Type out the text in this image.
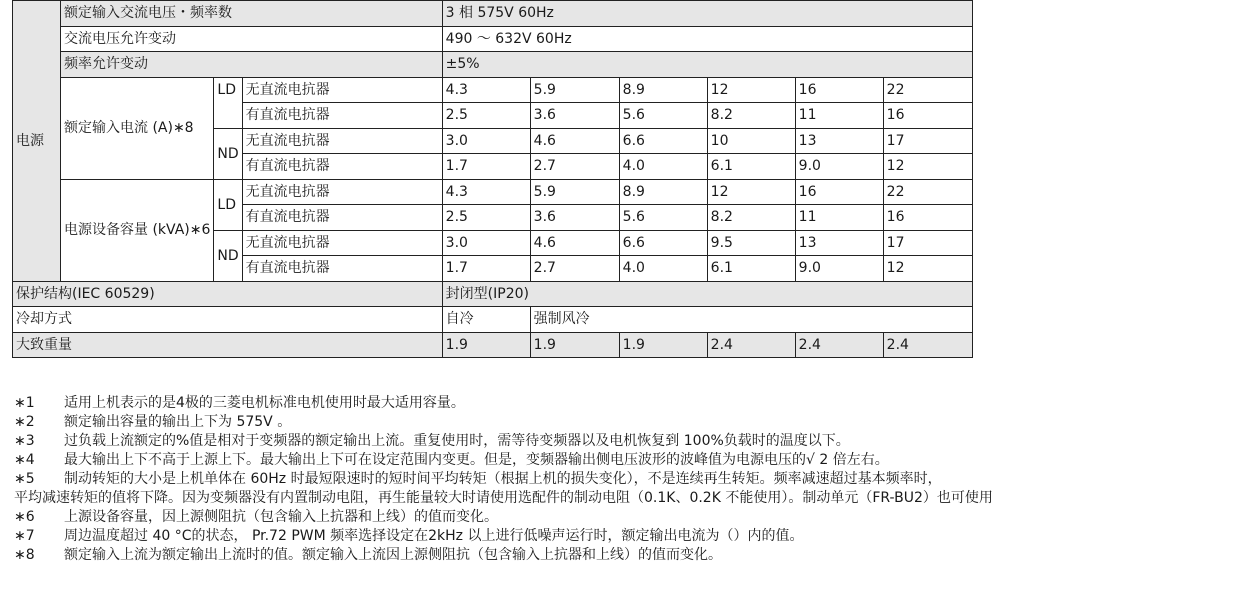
电源	额定输入交流电压・频率数			3 相 575V 60Hz					
	交流电压允许变动			490 ～ 632V 60Hz					
	频率允许变动			±5%					
	额定输入电流 (A)∗8	LD	无直流电抗器	4.3	5.9	8.9	12	16	22
			有直流电抗器	2.5	3.6	5.6	8.2	11	16
		ND	无直流电抗器	3.0	4.6	6.6	10	13	17
			有直流电抗器	1.7	2.7	4.0	6.1	9.0	12
	电源设备容量 (kVA)∗6	LD	无直流电抗器	4.3	5.9	8.9	12	16	22
			有直流电抗器	2.5	3.6	5.6	8.2	11	16
		ND	无直流电抗器	3.0	4.6	6.6	9.5	13	17
			有直流电抗器	1.7	2.7	4.0	6.1	9.0	12
保护结构(IEC 60529)				封闭型(IP20)					
冷却方式				自冷	强制风冷				
大致重量				1.9	1.9	1.9	2.4	2.4	2.4
∗1	适用上机表示的是4极的三菱电机标准电机使用时最大适用容量。
∗2	额定输出容量的输出上下为 575V 。
∗3	过负载上流额定的%值是相对于变频器的额定输出上流。重复使用时，需等待变频器以及电机恢复到 100%负载时的温度以下。
∗4	最大输出上下不高于上源上下。最大输出上下可在设定范围内变更。但是，变频器输出侧电压波形的波峰值为电源电压的√ 2 倍左右。
∗5	制动转矩的大小是上机单体在 60Hz 时最短限速时的短时间平均转矩（根据上机的损失变化），不是连续再生转矩。频率减速超过基本频率时，
平均减速转矩的值将下降。因为变频器没有内置制动电阻，再生能量较大时请使用选配件的制动电阻（0.1K、0.2K 不能使用）。制动单元（FR-BU2）也可使用
∗6	上源设备容量，因上源侧阻抗（包含输入上抗器和上线）的值而变化。
∗7	周边温度超过 40 °C的状态， Pr.72 PWM 频率选择设定在2kHz 以上进行低噪声运行时，额定输出电流为（）内的值。
∗8	额定输入上流为额定输出上流时的值。额定输入上流因上源侧阻抗（包含输入上抗器和上线）的值而变化。
